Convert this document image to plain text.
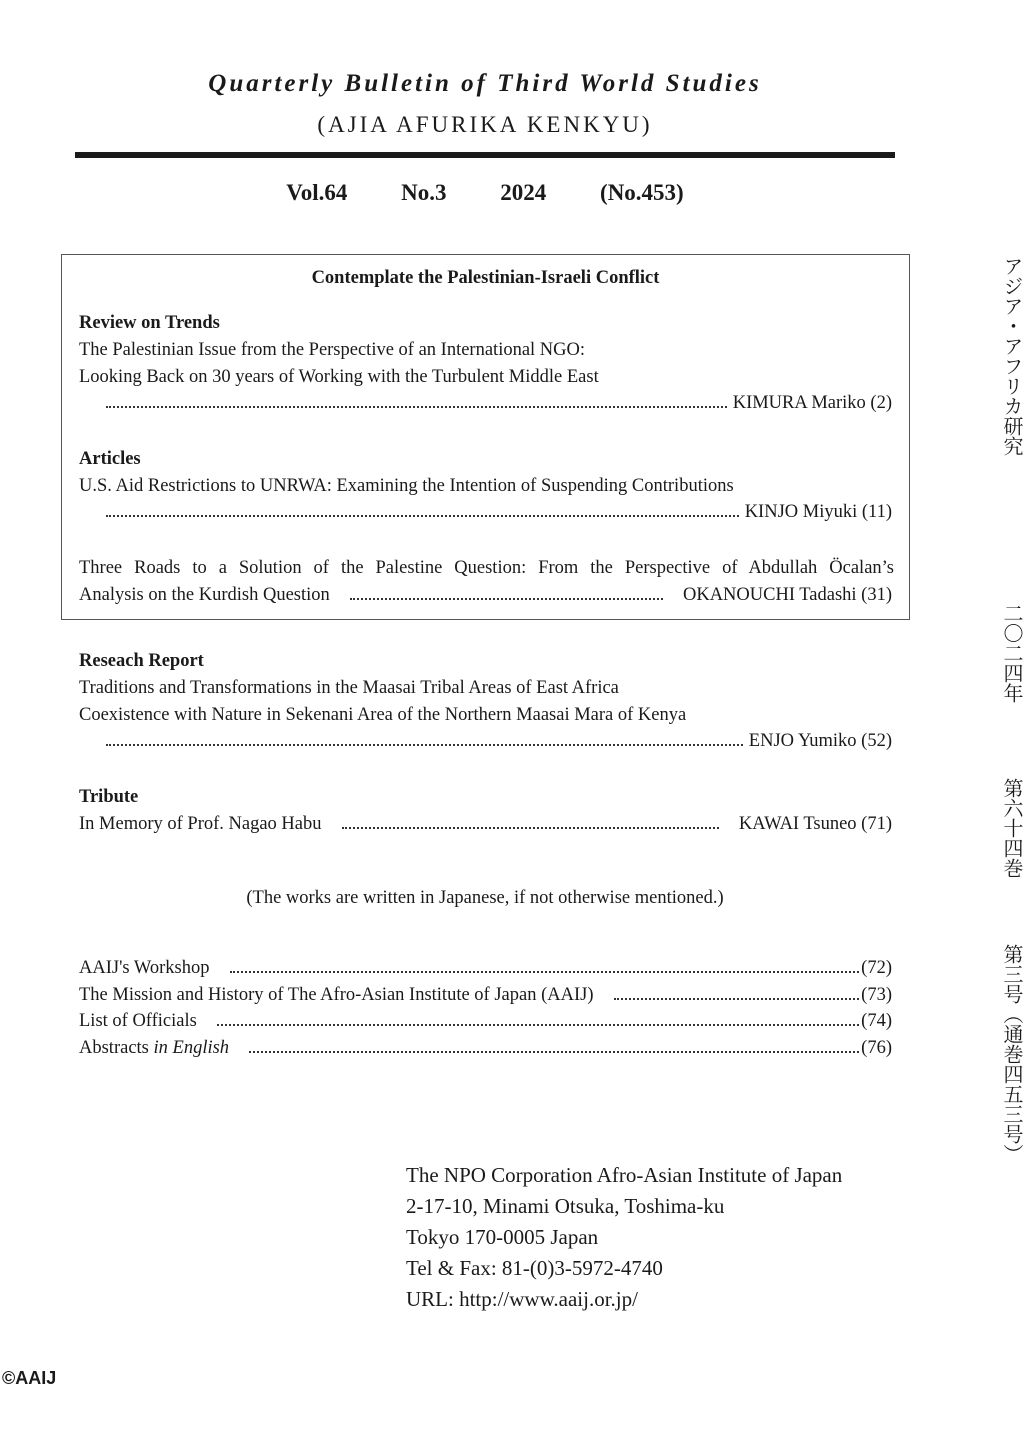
Quarterly Bulletin of Third World Studies
(AJIA AFURIKA KENKYU)
Vol.64 No.3 2024 (No.453)
Contemplate the Palestinian-Israeli Conflict
Review on Trends
The Palestinian Issue from the Perspective of an International NGO:
Looking Back on 30 years of Working with the Turbulent Middle East
KIMURA Mariko (2)
Articles
U.S. Aid Restrictions to UNRWA: Examining the Intention of Suspending Contributions
KINJO Miyuki (11)
Three Roads to a Solution of the Palestine Question: From the Perspective of Abdullah Öcalan’s
Analysis on the Kurdish Question	OKANOUCHI Tadashi (31)
Reseach Report
Traditions and Transformations in the Maasai Tribal Areas of East Africa
Coexistence with Nature in Sekenani Area of the Northern Maasai Mara of Kenya
ENJO Yumiko (52)
Tribute
In Memory of Prof. Nagao Habu	KAWAI Tsuneo (71)
(The works are written in Japanese, if not otherwise mentioned.)
AAIJ's Workshop	(72)
The Mission and History of The Afro-Asian Institute of Japan (AAIJ)	(73)
List of Officials	(74)
Abstracts in English	(76)
The NPO Corporation Afro-Asian Institute of Japan
2-17-10, Minami Otsuka, Toshima-ku
Tokyo 170-0005 Japan
Tel & Fax: 81-(0)3-5972-4740
URL: http://www.aaij.or.jp/
©AAIJ
アジア・アフリカ研究
二〇二四年
第六十四巻
第三号（通巻四五三号）
